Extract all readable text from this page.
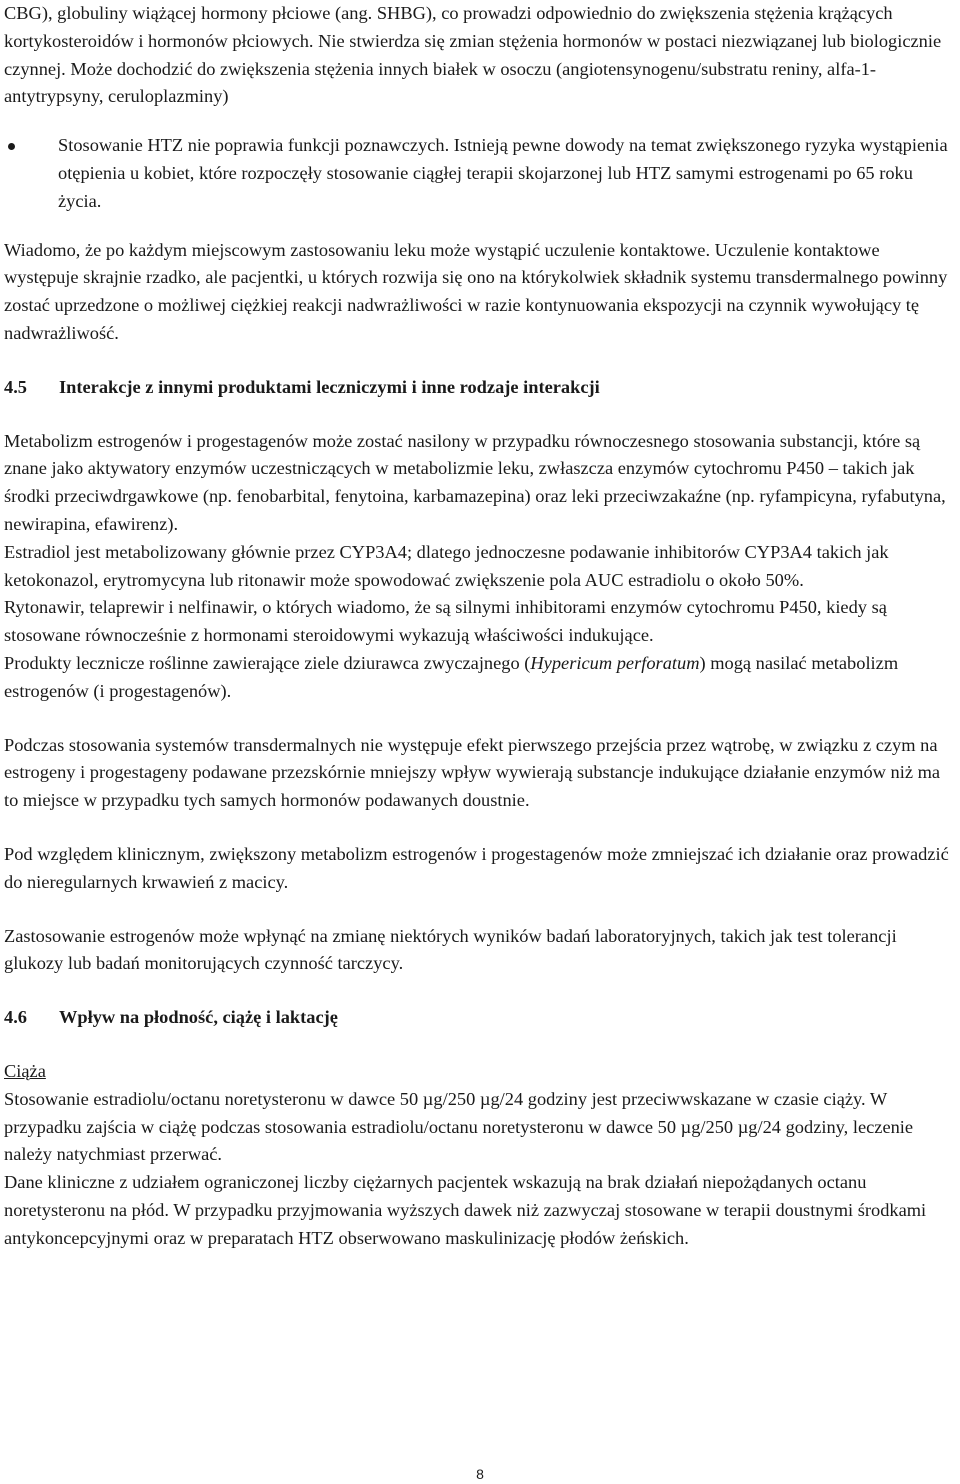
CBG), globuliny wiążącej hormony płciowe (ang. SHBG), co prowadzi odpowiednio do zwiększenia stężenia krążących kortykosteroidów i hormonów płciowych. Nie stwierdza się zmian stężenia hormonów w postaci niezwiązanej lub biologicznie czynnej. Może dochodzić do zwiększenia stężenia innych białek w osoczu (angiotensynogenu/substratu reniny, alfa-1-antytrypsyny, ceruloplazminy)

Stosowanie HTZ nie poprawia funkcji poznawczych. Istnieją pewne dowody na temat zwiększonego ryzyka wystąpienia otępienia u kobiet, które rozpoczęły stosowanie ciągłej terapii skojarzonej lub HTZ samymi estrogenami po 65 roku życia.

Wiadomo, że po każdym miejscowym zastosowaniu leku może wystąpić uczulenie kontaktowe. Uczulenie kontaktowe występuje skrajnie rzadko, ale pacjentki, u których rozwija się ono na którykolwiek składnik systemu transdermalnego powinny zostać uprzedzone o możliwej ciężkiej reakcji nadwrażliwości w razie kontynuowania ekspozycji na czynnik wywołujący tę nadwrażliwość.

4.5 Interakcje z innymi produktami leczniczymi i inne rodzaje interakcji

Metabolizm estrogenów i progestagenów może zostać nasilony w przypadku równoczesnego stosowania substancji, które są znane jako aktywatory enzymów uczestniczących w metabolizmie leku, zwłaszcza enzymów cytochromu P450 – takich jak środki przeciwdrgawkowe (np. fenobarbital, fenytoina, karbamazepina) oraz leki przeciwzakaźne (np. ryfampicyna, ryfabutyna, newirapina, efawirenz).

Estradiol jest metabolizowany głównie przez CYP3A4; dlatego jednoczesne podawanie inhibitorów CYP3A4 takich jak ketokonazol, erytromycyna lub ritonawir może spowodować zwiększenie pola AUC estradiolu o około 50%.

Rytonawir, telaprewir i nelfinawir, o których wiadomo, że są silnymi inhibitorami enzymów cytochromu P450, kiedy są stosowane równocześnie z hormonami steroidowymi wykazują właściwości indukujące.

Produkty lecznicze roślinne zawierające ziele dziurawca zwyczajnego (Hypericum perforatum) mogą nasilać metabolizm estrogenów (i progestagenów).

Podczas stosowania systemów transdermalnych nie występuje efekt pierwszego przejścia przez wątrobę, w związku z czym na estrogeny i progestageny podawane przezskórnie mniejszy wpływ wywierają substancje indukujące działanie enzymów niż ma to miejsce w przypadku tych samych hormonów podawanych doustnie.

Pod względem klinicznym, zwiększony metabolizm estrogenów i progestagenów może zmniejszać ich działanie oraz prowadzić do nieregularnych krwawień z macicy.

Zastosowanie estrogenów może wpłynąć na zmianę niektórych wyników badań laboratoryjnych, takich jak test tolerancji glukozy lub badań monitorujących czynność tarczycy.

4.6 Wpływ na płodność, ciążę i laktację

Ciąża

Stosowanie estradiolu/octanu noretysteronu w dawce 50 µg/250 µg/24 godziny jest przeciwwskazane w czasie ciąży. W przypadku zajścia w ciążę podczas stosowania estradiolu/octanu noretysteronu w dawce 50 µg/250 µg/24 godziny, leczenie należy natychmiast przerwać.

Dane kliniczne z udziałem ograniczonej liczby ciężarnych pacjentek wskazują na brak działań niepożądanych octanu noretysteronu na płód. W przypadku przyjmowania wyższych dawek niż zazwyczaj stosowane w terapii doustnymi środkami antykoncepcyjnymi oraz w preparatach HTZ obserwowano maskulinizację płodów żeńskich.

8
